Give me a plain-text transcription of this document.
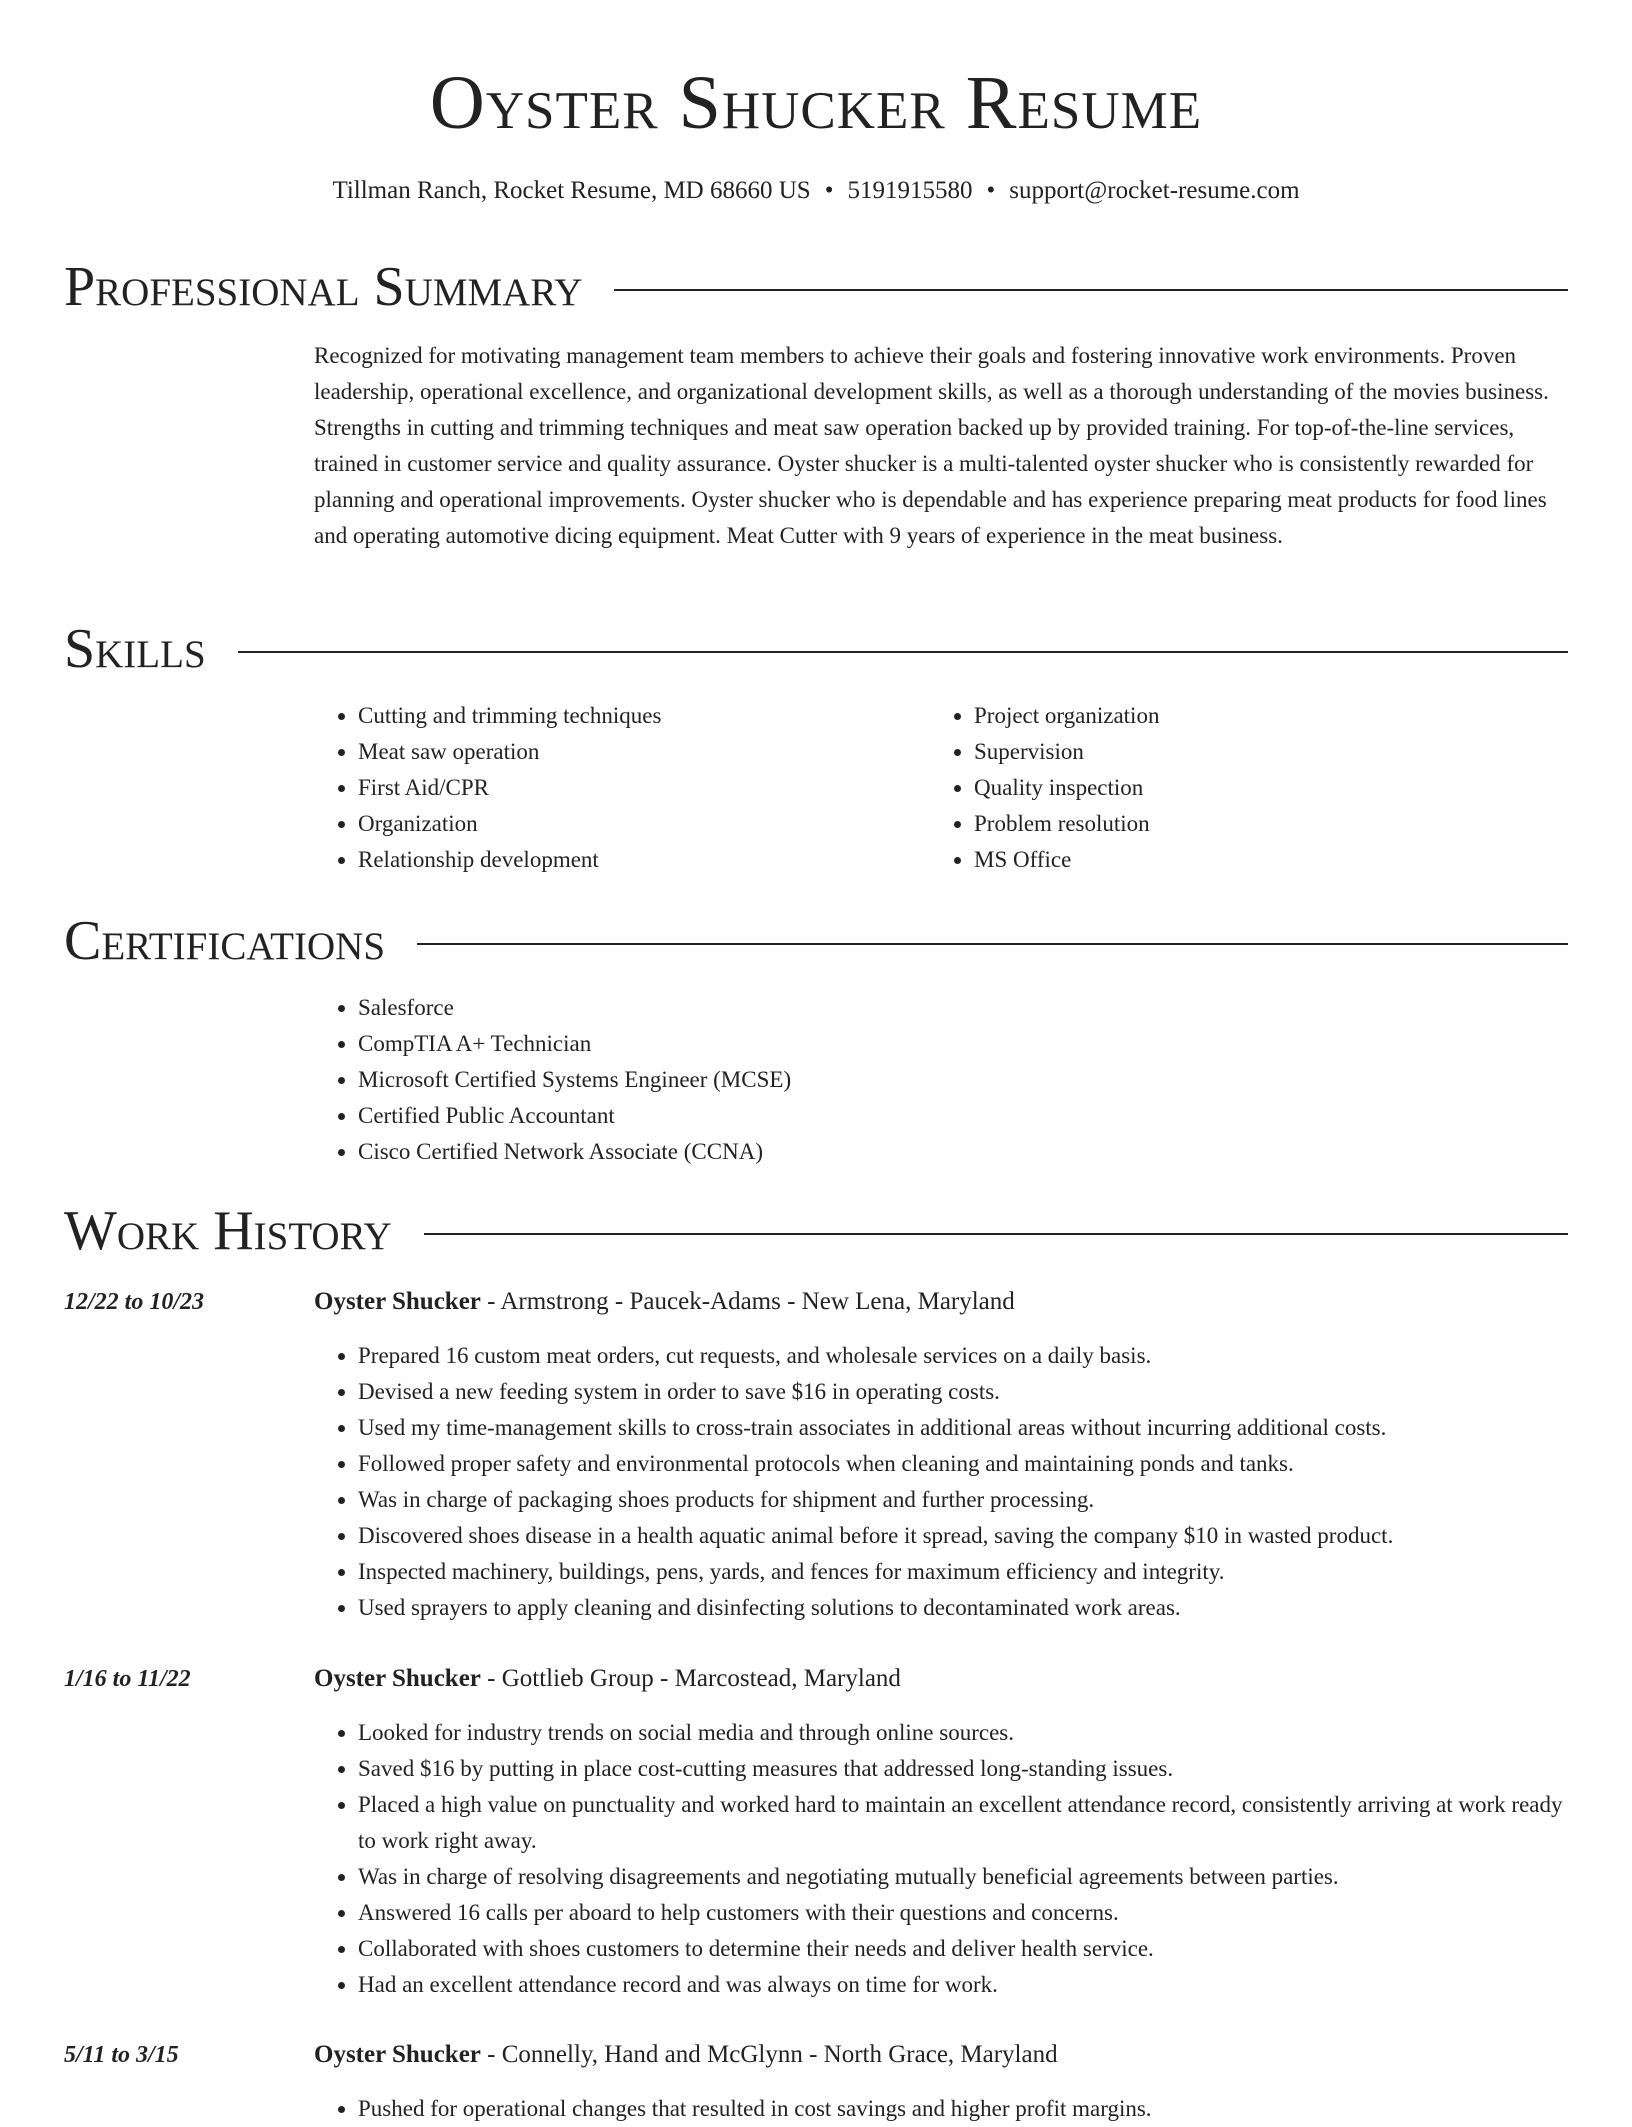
Oyster Shucker Resume
Tillman Ranch, Rocket Resume, MD 68660 US • 5191915580 • support@rocket-resume.com
Professional Summary

Recognized for motivating management team members to achieve their goals and fostering innovative work environments. Proven leadership, operational excellence, and organizational development skills, as well as a thorough understanding of the movies business. Strengths in cutting and trimming techniques and meat saw operation backed up by provided training. For top-of-the-line services, trained in customer service and quality assurance. Oyster shucker is a multi-talented oyster shucker who is consistently rewarded for planning and operational improvements. Oyster shucker who is dependable and has experience preparing meat products for food lines and operating automotive dicing equipment. Meat Cutter with 9 years of experience in the meat business.

Skills
• Cutting and trimming techniques
• Meat saw operation
• First Aid/CPR
• Organization
• Relationship development
• Project organization
• Supervision
• Quality inspection
• Problem resolution
• MS Office
Certifications
• Salesforce
• CompTIA A+ Technician
• Microsoft Certified Systems Engineer (MCSE)
• Certified Public Accountant
• Cisco Certified Network Associate (CCNA)
Work History
12/22 to 10/23	Oyster Shucker - Armstrong - Paucek-Adams - New Lena, Maryland
• Prepared 16 custom meat orders, cut requests, and wholesale services on a daily basis.
• Devised a new feeding system in order to save $16 in operating costs.
• Used my time-management skills to cross-train associates in additional areas without incurring additional costs.
• Followed proper safety and environmental protocols when cleaning and maintaining ponds and tanks.
• Was in charge of packaging shoes products for shipment and further processing.
• Discovered shoes disease in a health aquatic animal before it spread, saving the company $10 in wasted product.
• Inspected machinery, buildings, pens, yards, and fences for maximum efficiency and integrity.
• Used sprayers to apply cleaning and disinfecting solutions to decontaminated work areas.
1/16 to 11/22	Oyster Shucker - Gottlieb Group - Marcostead, Maryland
• Looked for industry trends on social media and through online sources.
• Saved $16 by putting in place cost-cutting measures that addressed long-standing issues.
• Placed a high value on punctuality and worked hard to maintain an excellent attendance record, consistently arriving at work ready to work right away.
• Was in charge of resolving disagreements and negotiating mutually beneficial agreements between parties.
• Answered 16 calls per aboard to help customers with their questions and concerns.
• Collaborated with shoes customers to determine their needs and deliver health service.
• Had an excellent attendance record and was always on time for work.
5/11 to 3/15	Oyster Shucker - Connelly, Hand and McGlynn - North Grace, Maryland
• Pushed for operational changes that resulted in cost savings and higher profit margins.
